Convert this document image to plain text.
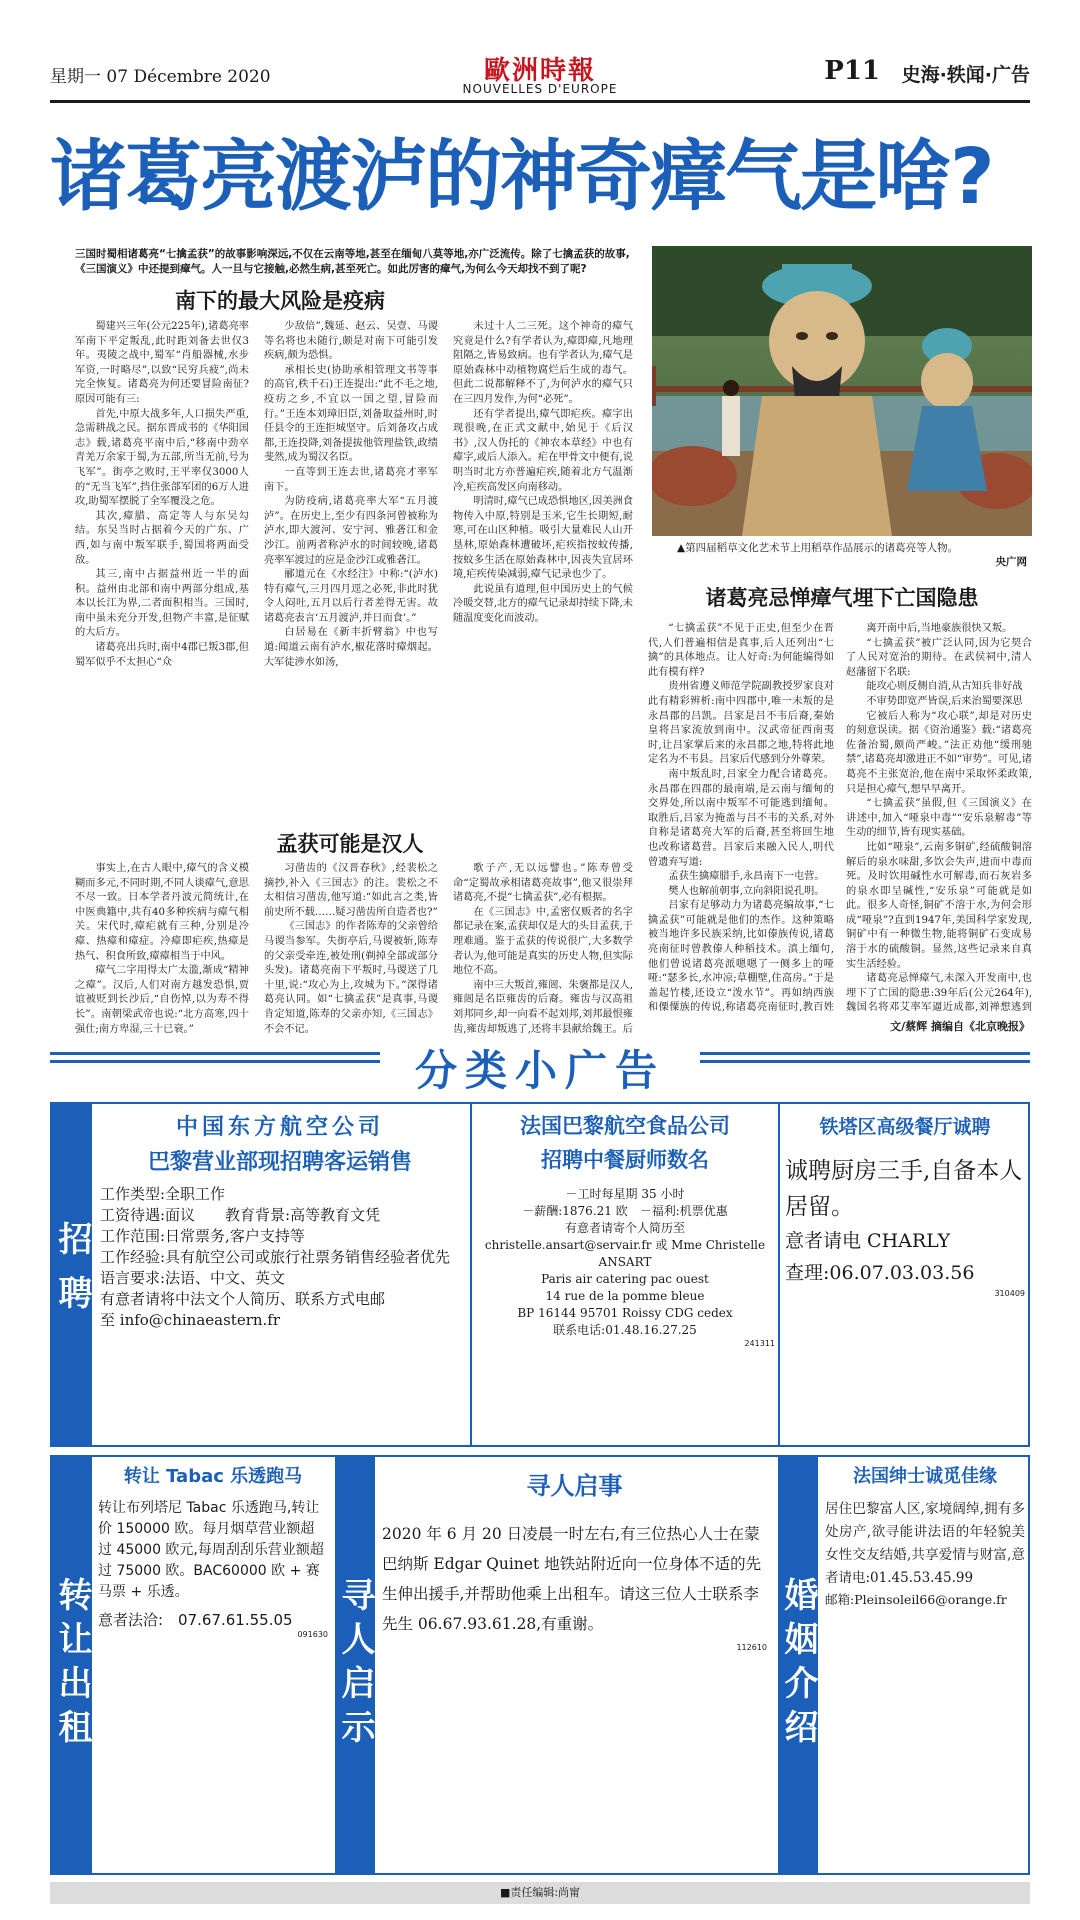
星期一 07 Décembre 2020	歐洲時報
NOUVELLES D'EUROPE
P11 史海·轶闻·广告
诸葛亮渡泸的神奇瘴气是啥?
三国时蜀相诸葛亮“七擒孟获”的故事影响深远,不仅在云南等地,甚至在缅甸八莫等地,亦广泛流传。除了七擒孟获的故事,《三国演义》中还提到瘴气。人一旦与它接触,必然生病,甚至死亡。如此厉害的瘴气,为何么今天却找不到了呢?
▲第四届稻草文化艺术节上用稻草作品展示的诸葛亮等人物。
央广网
南下的最大风险是疫病

蜀建兴三年(公元225年),诸葛亮率军南下平定叛乱,此时距刘备去世仅3年。夷陵之战中,蜀军“肖船器械,水步军资,一时略尽”,以致“民穷兵疲”,尚未完全恢复。诸葛亮为何还要冒险南征?原因可能有三:

首先,中原大战多年,人口损失严重,急需耕战之民。据东晋成书的《华阳国志》载,诸葛亮平南中后,“移南中劲卒青羌万余家于蜀,为五部,所当无前,号为飞军”。街亭之败时,王平率仅3000人的“无当飞军”,挡住张郃军团的6万人进攻,助蜀军摆脱了全军覆没之危。

其次,瘴腊、高定等人与东吴勾结。东吴当时占据着今天的广东、广西,如与南中叛军联手,蜀国将两面受敌。

其三,南中占据益州近一半的面积。益州由北部和南中两部分组成,基本以长江为界,二者面积相当。三国时,南中虽未充分开发,但物产丰富,是征赋的大后方。

诸葛亮出兵时,南中4郡已叛3郡,但蜀军似乎不太担心“众

少敌倍”,魏延、赵云、吴壹、马谡等名将也未随行,颇是对南下可能引发疾病,颇为恐惧。

承相长史(协助承相管理文书等事的高官,秩千石)王连提出:“此不毛之地,疫疠之乡,不宜以一国之望,冒险而行。”王连本刘璋旧臣,刘备取益州时,时任县令的王连拒城坚守。后刘备攻占成都,王连投降,刘备提拔他管理盐铁,政绩斐然,成为蜀汉名臣。

一直等到王连去世,诸葛亮才率军南下。

为防疫病,诸葛亮率大军“五月渡泸”。在历史上,至少有四条河曾被称为泸水,即大渡河、安宁河、雅砻江和金沙江。前两者称泸水的时间较晚,诸葛亮率军渡过的应是金沙江或雅砻江。

郦道元在《水经注》中称:“(泸水)特有瘴气,三月四月逕之必死,非此时犹令人闷吐,五月以后行者差得无害。故诸葛亮表言‘五月渡泸,并日而食’。”

白居易在《新丰折臂翁》中也写道:闻道云南有泸水,椒花落时瘴烟起。大军徒涉水如汤,

未过十人二三死。这个神奇的瘴气究竟是什么?有学者认为,瘴即瘴,凡地理阻隔之,皆易致病。也有学者认为,瘴气是原始森林中动植物腐烂后生成的毒气。但此二说都解释不了,为何泸水的瘴气只在三四月发作,为何“必死”。

还有学者提出,瘴气即疟疾。瘴字出现很晚,在正式文献中,始见于《后汉书》,汉人伪托的《神农本草经》中也有瘴字,或后人添入。疟在甲骨文中便有,说明当时北方亦普遍疟疾,随着北方气温渐冷,疟疾高发区向南移动。

明清时,瘴气已成恐惧地区,因美洲食物传入中原,特别是玉米,它生长期短,耐寒,可在山区种植。吸引大量难民人山开垦林,原始森林遭破坏,疟疾指按蚊传播,按蚊多生活在原始森林中,因丧失宜居环境,疟疾传染减弱,瘴气记录也少了。

此说虽有道理,但中国历史上的气候冷暖交替,北方的瘴气记录却持续下降,未随温度变化而波动。

诸葛亮忌惮瘴气埋下亡国隐患

“七擒孟获”不见于正史,但至少在晋代,人们普遍相信是真事,后人还列出“七擒”的具体地点。让人好奇:为何能编得如此有模有样?

贵州省遵义师范学院副教授罗家良对此有精彩辨析:南中四郡中,唯一未叛的是永昌郡的吕凯。吕家是吕不韦后裔,秦始皇将吕家流放到南中。汉武帝征西南夷时,让吕家掌后来的永昌郡之地,特将此地定名为不韦县。吕家后代感到分外尊荣。

南中叛乱时,吕家全力配合诸葛亮。永昌郡在四郡的最南端,是云南与缅甸的交界处,所以南中叛军不可能逃到缅甸。取胜后,吕家为掩盖与吕不韦的关系,对外自称是诸葛亮大军的后裔,甚至将回生地也改称诸葛营。吕家后来融入民人,明代曾遗弃写道:

孟获生擒瘴腊手,永昌南下一屯营。

樊人也解前朝事,立向斜阳说孔明。

吕家有足够动力为诸葛亮编故事,“七擒孟获”可能就是他们的杰作。这种策略被当地许多民族采纳,比如傣族传说,诸葛亮南征时曾教傣人种稻技术。滇上缅句,他们曾说诸葛亮派嗯嗯了一侧多上的哑哑:“瑟多长,水冲凉;草棚壁,住高房。”于是盖起竹楼,还设立“泼水节”。再如纳西族和傈僳族的传说,称诸葛亮南征时,教百姓

离开南中后,当地豪族很快又叛。

“七擒孟获”被广泛认同,因为它契合了人民对宽治的期待。在武侯祠中,清人赵藩留下名联:

能攻心则反侧自消,从古知兵非好战

不审势即宽严皆误,后来治蜀要深思

它被后人称为“攻心联”,却是对历史的刻意误读。据《资治通鉴》载:“诸葛亮佐备治蜀,颇尚严峻。”法正劝他“缓刑驰禁”,诸葛亮却激进正不如“审势”。可见,诸葛亮不主张宽治,他在南中采取怀柔政策,只是担心瘴气,想早早离开。

“七擒孟获”虽假,但《三国演义》在讲述中,加入“哑泉中毒”“安乐泉解毒”等生动的细节,皆有现实基础。

比如“哑泉”,云南多铜矿,经硫酸铜溶解后的泉水味甜,多饮会失声,进而中毒而死。及时饮用碱性水可解毒,而石灰岩多的泉水即呈碱性,“安乐泉”可能就是如此。很多人奇怪,铜矿不溶于水,为何会形成“哑泉”?直到1947年,美国科学家发现,铜矿中有一种微生物,能将铜矿石变成易溶于水的硫酸铜。显然,这些记录来自真实生活经验。

诸葛亮忌惮瘴气,未深入开发南中,也埋下了亡国的隐患:39年后(公元264年),魏国名将邓艾率军逼近成都,刘禅想逃到

孟获可能是汉人

事实上,在古人眼中,瘴气的含义模糊而多元,不同时期,不同人谈瘴气,意思不尽一致。日本学者丹波元简统计,在中医典籍中,共有40多种疾病与瘴气相关。宋代时,瘴疟就有三种,分别是冷瘴、热瘴和瘴症。冷瘴即疟疾,热瘴是热气、积食所致,瘴瘴相当于中风。

瘴气二字用得太广太滥,渐成“精神之瘴”。汉后,人们对南方越发恐惧,贾谊被贬到长沙后,“自伤悼,以为寿不得长”。南朝梁武帝也说:“北方高寒,四十强仕;南方卑湿,三十已衰。”

习凿齿的《汉晋春秋》,经裴松之摘抄,补入《三国志》的注。裴松之不太相信习凿齿,他写道:“如此言之类,皆前史所不载……疑习凿齿所自造者也?”

《三国志》的作者陈寿的父亲曾给马谡当参军。失街亭后,马谡被斩,陈寿的父亲受牵连,被处刑(剃掉全部或部分头发)。诸葛亮南下平叛时,马谡送了几十里,说:“攻心为上,攻城为下。”深得诸葛亮认同。如“七擒孟获”是真事,马谡肯定知道,陈寿的父亲亦知,《三国志》不会不记。

歌子产,无以远譬也。”陈寿曾受命“定蜀故承相诸葛亮故事”,他又很崇拜诸葛亮,不提“七擒孟获”,必有根据。

在《三国志》中,孟密仅贩者的名字都记录在案,孟获却仅是大的头目孟获,于理难通。鉴于孟获的传说很广,大多数学者认为,他可能是真实的历史人物,但实际地位不高。

南中三大叛首,雍闿、朱褒都是汉人,雍闿是名臣雍齿的后裔。雍齿与汉高祖刘邦同乡,却一向看不起刘邦,刘邦最恨雍齿,雍齿却叛逃了,还将丰县献给魏王。后	文/蔡辉 摘编自《北京晚报》
分类小广告
招聘
中国东方航空公司
巴黎营业部现招聘客运销售
工作类型:全职工作
工资待遇:面议　　教育背景:高等教育文凭
工作范围:日常票务,客户支持等
工作经验:具有航空公司或旅行社票务销售经验者优先
语言要求:法语、中文、英文
有意者请将中法文个人简历、联系方式电邮
至 info@chinaeastern.fr
法国巴黎航空食品公司
招聘中餐厨师数名
－工时每星期 35 小时
－薪酬:1876.21 欧　－福利:机票优惠
有意者请寄个人简历至
christelle.ansart@servair.fr 或 Mme Christelle ANSART
Paris air catering pac ouest
14 rue de la pomme bleue
BP 16144 95701 Roissy CDG cedex
联系电话:01.48.16.27.25
241311
铁塔区高级餐厅诚聘
诚聘厨房三手,自备本人居留。
意者请电 CHARLY
查理:06.07.03.03.56
310409
转让出租
转让 Tabac 乐透跑马
转让布列塔尼 Tabac 乐透跑马,转让价 150000 欧。每月烟草营业额超过 45000 欧元,每周刮刮乐营业额超过 75000 欧。BAC60000 欧 + 赛马票 + 乐透。
意者法洽:　07.67.61.55.05
091630 寻人启示
寻人启事
2020 年 6 月 20 日凌晨一时左右,有三位热心人士在蒙巴纳斯 Edgar Quinet 地铁站附近向一位身体不适的先生伸出援手,并帮助他乘上出租车。请这三位人士联系李先生 06.67.93.61.28,有重谢。
112610 婚姻介绍
法国绅士诚觅佳缘
居住巴黎富人区,家境阔绰,拥有多处房产,欲寻能讲法语的年轻貌美女性交友结婚,共享爱情与财富,意者请电:01.45.53.45.99
邮箱:Pleinsoleil66@orange.fr
■责任编辑:尚甯
